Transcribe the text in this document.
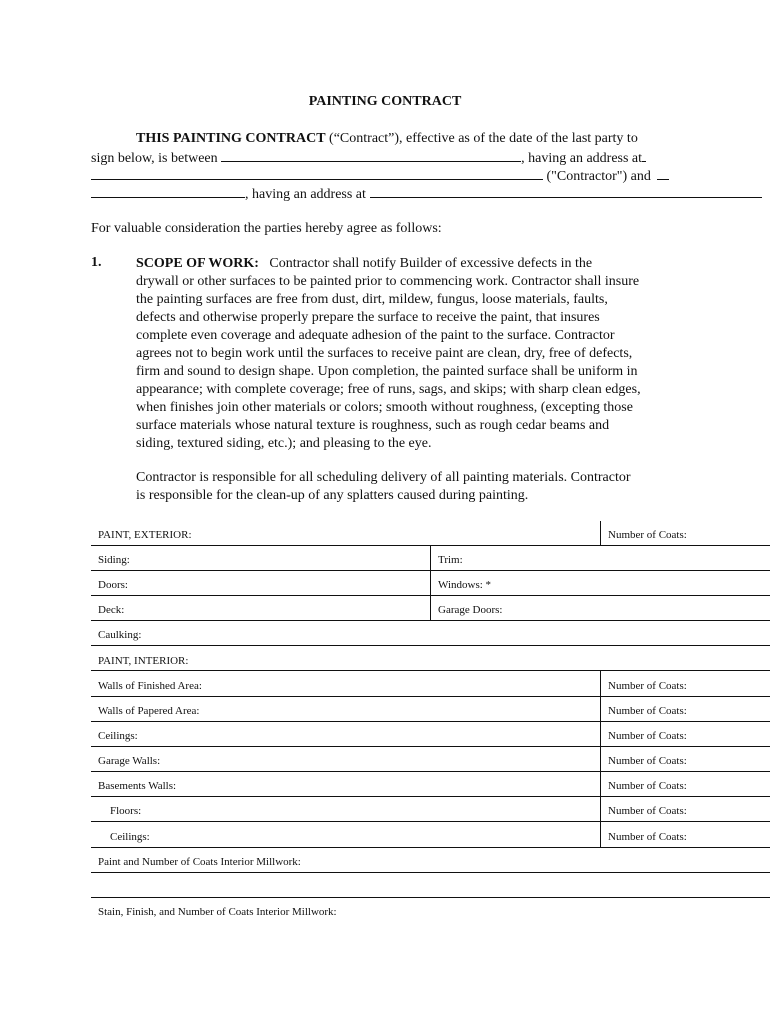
PAINTING CONTRACT
THIS PAINTING CONTRACT (“Contract”), effective as of the date of the last party to
sign below, is between	, having an address at
("Contractor") and
, having an address at
For valuable consideration the parties hereby agree as follows:
1. SCOPE OF WORK: Contractor shall notify Builder of excessive defects in the
drywall or other surfaces to be painted prior to commencing work. Contractor shall insure
the painting surfaces are free from dust, dirt, mildew, fungus, loose materials, faults,
defects and otherwise properly prepare the surface to receive the paint, that insures
complete even coverage and adequate adhesion of the paint to the surface. Contractor
agrees not to begin work until the surfaces to receive paint are clean, dry, free of defects,
firm and sound to design shape. Upon completion, the painted surface shall be uniform in
appearance; with complete coverage; free of runs, sags, and skips; with sharp clean edges,
when finishes join other materials or colors; smooth without roughness, (excepting those
surface materials whose natural texture is roughness, such as rough cedar beams and
siding, textured siding, etc.); and pleasing to the eye.
Contractor is responsible for all scheduling delivery of all painting materials. Contractor
is responsible for the clean-up of any splatters caused during painting.
PAINT, EXTERIOR:	Number of Coats:
Siding:	Trim:
Doors:	Windows: *
Deck:	Garage Doors:
Caulking:
PAINT, INTERIOR:
Walls of Finished Area:	Number of Coats:
Walls of Papered Area:	Number of Coats:
Ceilings:	Number of Coats:
Garage Walls:	Number of Coats:
Basements Walls:	Number of Coats:
Floors:	Number of Coats:
Ceilings:	Number of Coats:
Paint and Number of Coats Interior Millwork:
Stain, Finish, and Number of Coats Interior Millwork:
